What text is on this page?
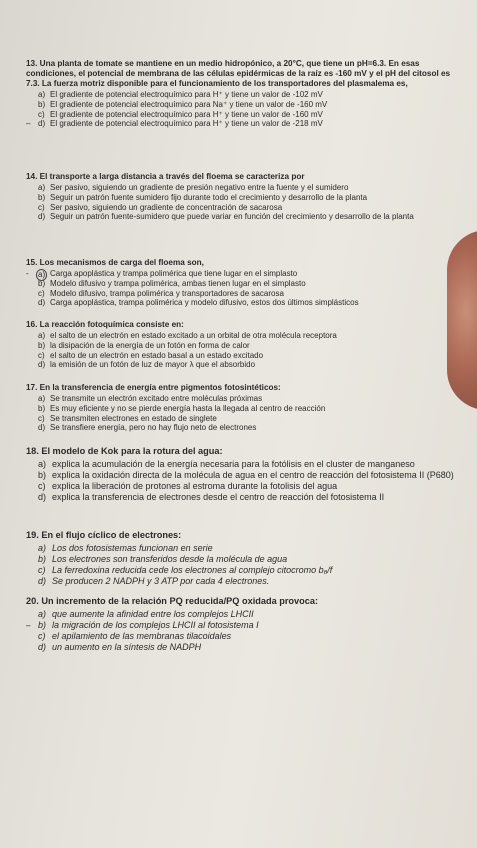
13. Una planta de tomate se mantiene en un medio hidropónico, a 20°C, que tiene un pH=6.3. En esas condiciones, el potencial de membrana de las células epidérmicas de la raíz es -160 mV y el pH del citosol es 7.3. La fuerza motriz disponible para el funcionamiento de los transportadores del plasmalema es,
a) El gradiente de potencial electroquímico para H⁺ y tiene un valor de -102 mV
b) El gradiente de potencial electroquímico para Na⁺ y tiene un valor de -160 mV
c) El gradiente de potencial electroquímico para H⁺ y tiene un valor de -160 mV
– d) El gradiente de potencial electroquímico para H⁺ y tiene un valor de -218 mV
14. El transporte a larga distancia a través del floema se caracteriza por
a) Ser pasivo, siguiendo un gradiente de presión negativo entre la fuente y el sumidero
b) Seguir un patrón fuente sumidero fijo durante todo el crecimiento y desarrollo de la planta
c) Ser pasivo, siguiendo un gradiente de concentración de sacarosa
d) Seguir un patrón fuente-sumidero que puede variar en función del crecimiento y desarrollo de la planta
15. Los mecanismos de carga del floema son,
- a) Carga apoplástica y trampa polimérica que tiene lugar en el simplasto
b) Modelo difusivo y trampa polimérica, ambas tienen lugar en el simplasto
c) Modelo difusivo, trampa polimérica y transportadores de sacarosa
d) Carga apoplástica, trampa polimérica y modelo difusivo, estos dos últimos simplásticos
16. La reacción fotoquímica consiste en:
a) el salto de un electrón en estado excitado a un orbital de otra molécula receptora
b) la disipación de la energía de un fotón en forma de calor
c) el salto de un electrón en estado basal a un estado excitado
d) la emisión de un fotón de luz de mayor λ que el absorbido
17. En la transferencia de energía entre pigmentos fotosintéticos:
a) Se transmite un electrón excitado entre moléculas próximas
b) Es muy eficiente y no se pierde energía hasta la llegada al centro de reacción
c) Se transmiten electrones en estado de singlete
d) Se transfiere energía, pero no hay flujo neto de electrones
18. El modelo de Kok para la rotura del agua:
a) explica la acumulación de la energía necesaria para la fotólisis en el cluster de manganeso
b) explica la oxidación directa de la molécula de agua en el centro de reacción del fotosistema II (P680)
c) explica la liberación de protones al estroma durante la fotolisis del agua
d) explica la transferencia de electrones desde el centro de reacción del fotosistema II
19. En el flujo cíclico de electrones:
a) Los dos fotosistemas funcionan en serie
b) Los electrones son transferidos desde la molécula de agua
c) La ferredoxina reducida cede los electrones al complejo citocromo b₆/f
d) Se producen 2 NADPH y 3 ATP por cada 4 electrones.
20. Un incremento de la relación PQ reducida/PQ oxidada provoca:
a) que aumente la afinidad entre los complejos LHCII
– b) la migración de los complejos LHCII al fotosistema I
c) el apilamiento de las membranas tilacoidales
d) un aumento en la síntesis de NADPH
